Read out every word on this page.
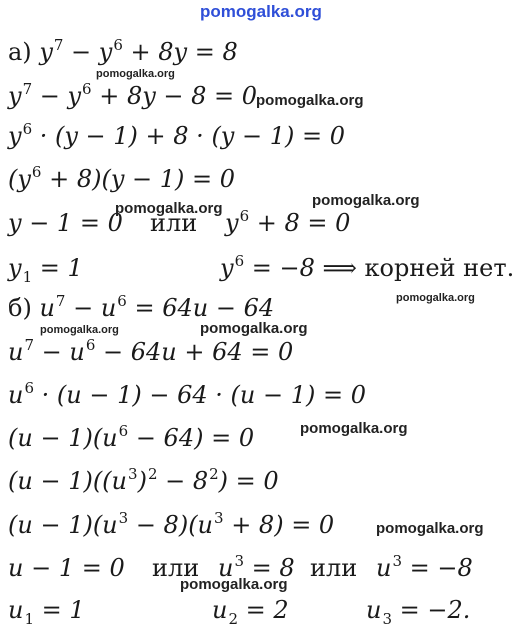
pomogalka.org
а) $y^7 - y^6 + 8y = 8$
$y^7 - y^6 + 8y - 8 = 0$
$y^6 \cdot (y - 1) + 8 \cdot (y - 1) = 0$
$(y^6 + 8)(y - 1) = 0$
y − 1 = 0 или $y^6 + 8 = 0$
$y_1 = 1$	$y^6 = -8$ ⟹ корней нет.
б) $u^7 - u^6 = 64u - 64$
$u^7 - u^6 - 64u + 64 = 0$
$u^6 \cdot (u - 1) - 64 \cdot (u - 1) = 0$
$(u - 1)(u^6 - 64) = 0$
$(u - 1)((u^3)^2 - 8^2) = 0$
$(u - 1)(u^3 - 8)(u^3 + 8) = 0$
u − 1 = 0 или $u^3 = 8$ или $u^3 = -8$
$u_1 = 1$	$u_2 = 2$	$u_3 = -2$.
pomogalka.org
pomogalka.org
pomogalka.org
pomogalka.org
pomogalka.org
pomogalka.org	pomogalka.org
pomogalka.org
pomogalka.org
pomogalka.org
